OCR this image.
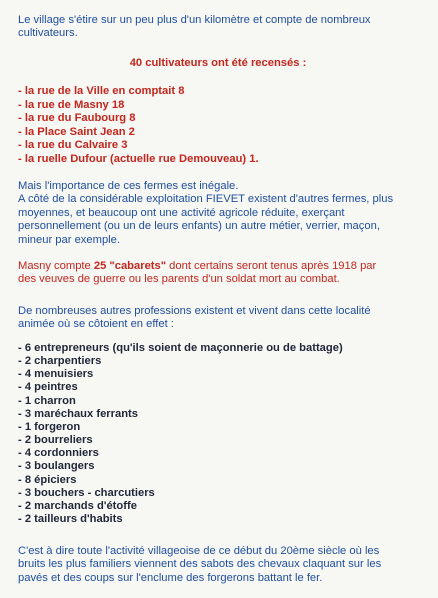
Le village s'étire sur un peu plus d'un kilomètre et compte de nombreux
cultivateurs.

40 cultivateurs ont été recensés :

- la rue de la Ville en comptait 8
- la rue de Masny 18
- la rue du Faubourg 8
- la Place Saint Jean 2
- la rue du Calvaire 3
- la ruelle Dufour (actuelle rue Demouveau) 1.

Mais l'importance de ces fermes est inégale.
A côté de la considérable exploitation FIEVET existent d'autres fermes, plus
moyennes, et beaucoup ont une activité agricole réduite, exerçant
personnellement (ou un de leurs enfants) un autre métier, verrier, maçon,
mineur par exemple.

Masny compte 25 "cabarets" dont certains seront tenus après 1918 par
des veuves de guerre ou les parents d'un soldat mort au combat.

De nombreuses autres professions existent et vivent dans cette localité
animée où se côtoient en effet :

- 6 entrepreneurs (qu'ils soient de maçonnerie ou de battage)
- 2 charpentiers
- 4 menuisiers
- 4 peintres
- 1 charron
- 3 maréchaux ferrants
- 1 forgeron
- 2 bourreliers
- 4 cordonniers
- 3 boulangers
- 8 épiciers
- 3 bouchers - charcutiers
- 2 marchands d'étoffe
- 2 tailleurs d'habits

C'est à dire toute l'activité villageoise de ce début du 20ème siècle où les
bruits les plus familiers viennent des sabots des chevaux claquant sur les
pavés et des coups sur l'enclume des forgerons battant le fer.
